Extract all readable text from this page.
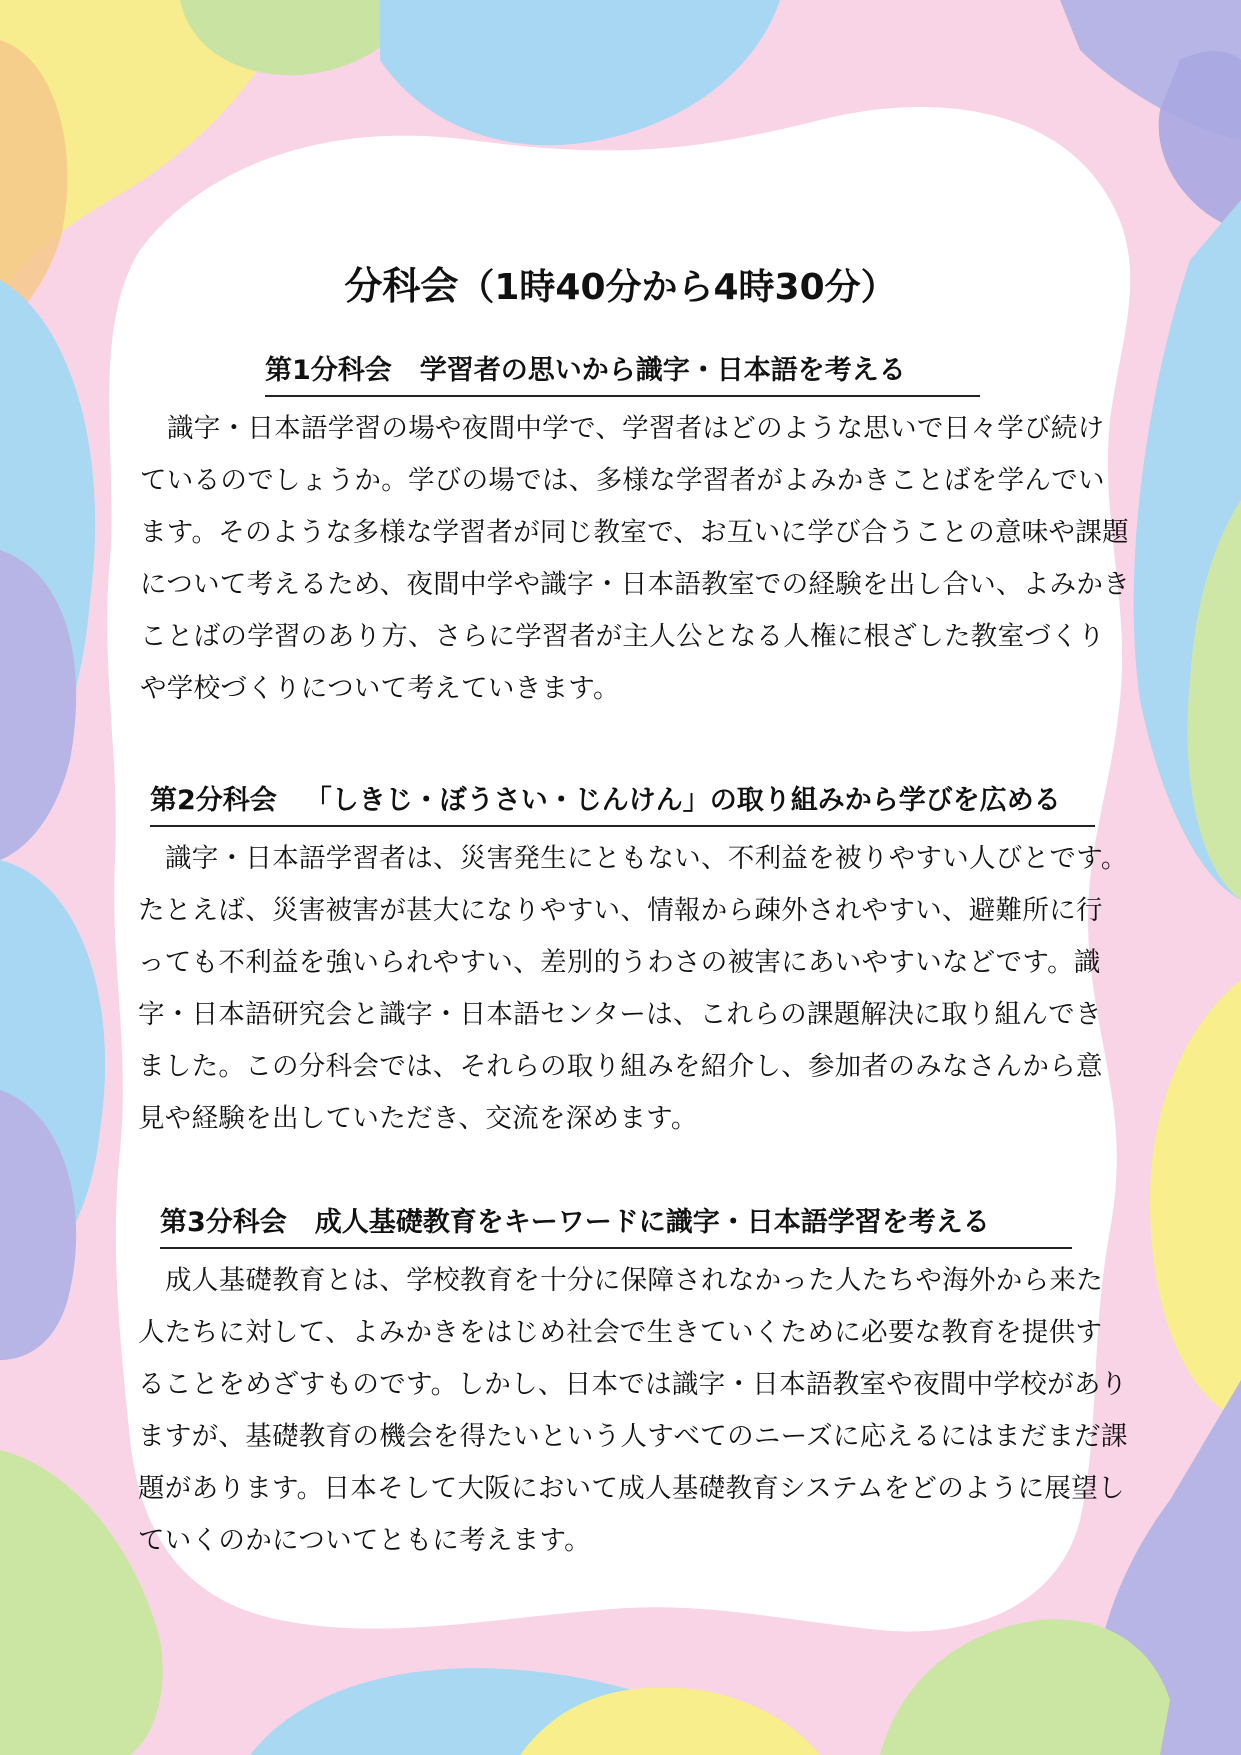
分科会（1時40分から4時30分）
第1分科会 学習者の思いから識字・日本語を考える
識字・日本語学習の場や夜間中学で、学習者はどのような思いで日々学び続けているのでしょうか。学びの場では、多様な学習者がよみかきことばを学んでいます。そのような多様な学習者が同じ教室で、お互いに学び合うことの意味や課題について考えるため、夜間中学や識字・日本語教室での経験を出し合い、よみかきことばの学習のあり方、さらに学習者が主人公となる人権に根ざした教室づくりや学校づくりについて考えていきます。
第2分科会 「しきじ・ぼうさい・じんけん」の取り組みから学びを広める
識字・日本語学習者は、災害発生にともない、不利益を被りやすい人びとです。たとえば、災害被害が甚大になりやすい、情報から疎外されやすい、避難所に行っても不利益を強いられやすい、差別的うわさの被害にあいやすいなどです。識字・日本語研究会と識字・日本語センターは、これらの課題解決に取り組んできました。この分科会では、それらの取り組みを紹介し、参加者のみなさんから意見や経験を出していただき、交流を深めます。
第3分科会 成人基礎教育をキーワードに識字・日本語学習を考える
成人基礎教育とは、学校教育を十分に保障されなかった人たちや海外から来た人たちに対して、よみかきをはじめ社会で生きていくために必要な教育を提供することをめざすものです。しかし、日本では識字・日本語教室や夜間中学校がありますが、基礎教育の機会を得たいという人すべてのニーズに応えるにはまだまだ課題があります。日本そして大阪において成人基礎教育システムをどのように展望していくのかについてともに考えます。
